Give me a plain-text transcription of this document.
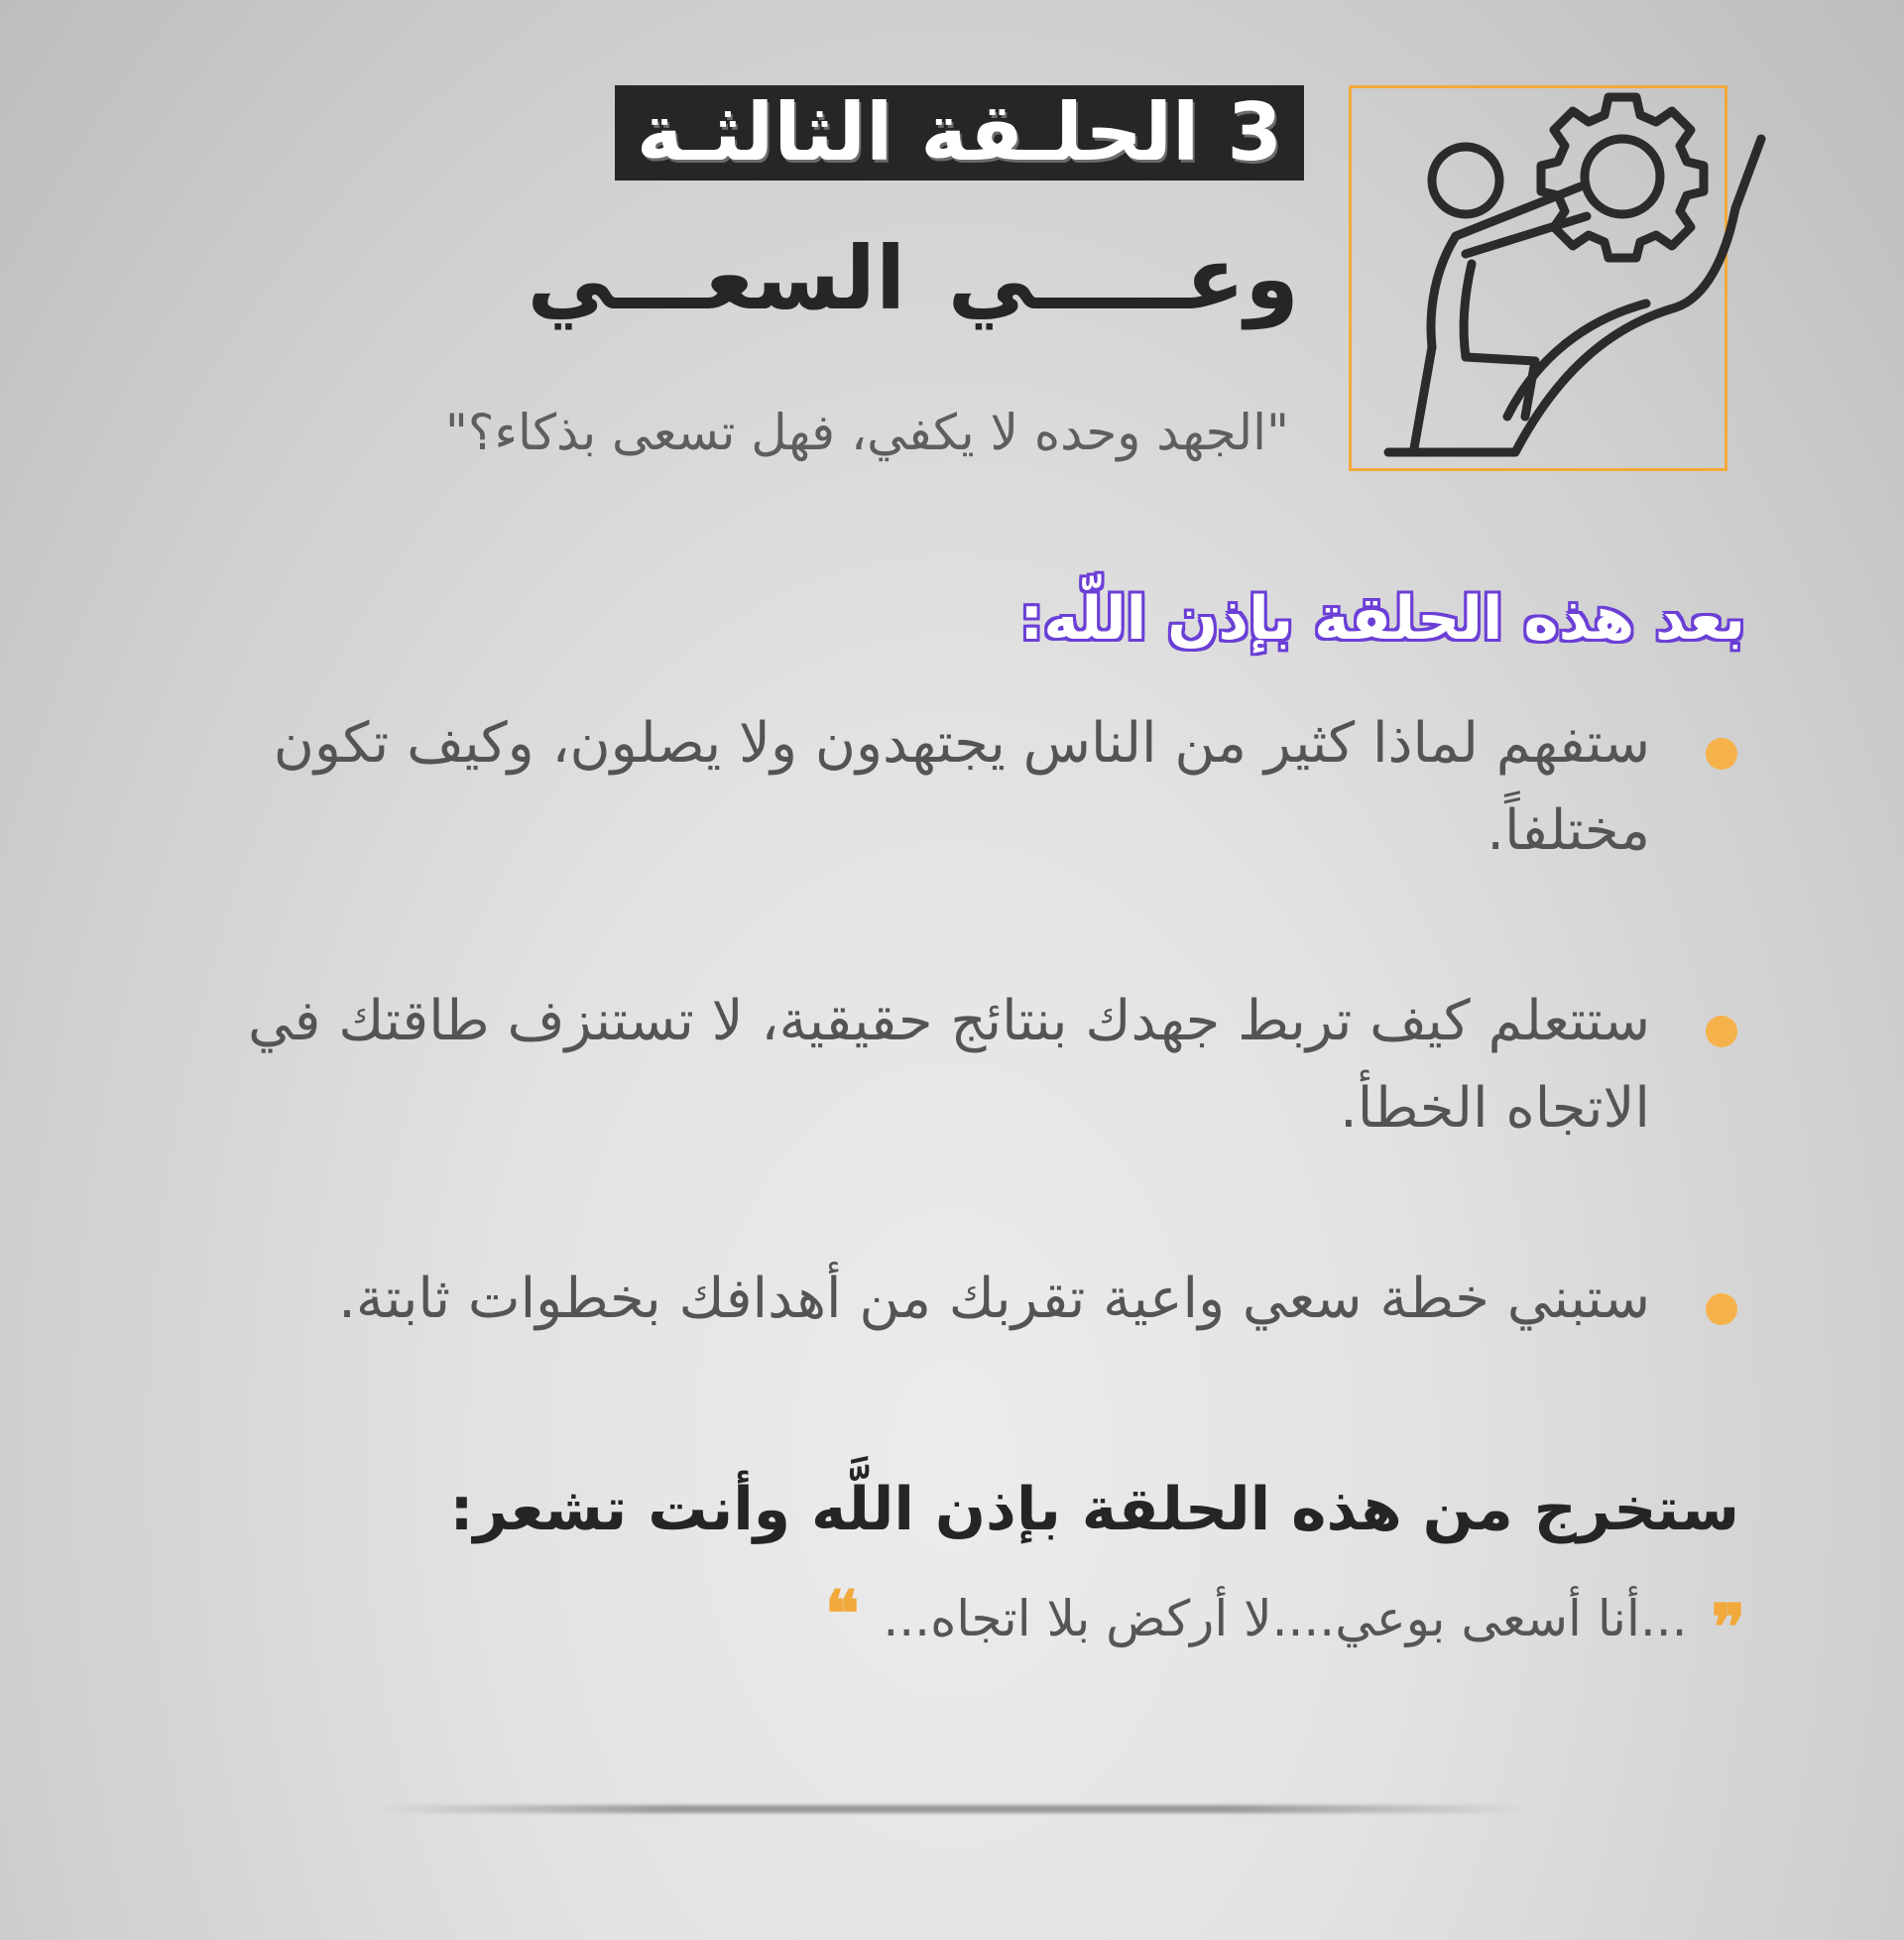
3 الحلـقة الثالثـة
وعـــــي السعـــي
"الجهد وحده لا يكفي، فهل تسعى بذكاء؟"
بعد هذه الحلقة بإذن اللّه:
ستفهم لماذا كثير من الناس يجتهدون ولا يصلون، وكيف تكون مختلفاً.
ستتعلم كيف تربط جهدك بنتائج حقيقية، لا تستنزف طاقتك في الاتجاه الخطأ.
ستبني خطة سعي واعية تقربك من أهدافك بخطوات ثابتة.
ستخرج من هذه الحلقة بإذن اللَّه وأنت تشعر:
❞
...أنا أسعى بوعي....لا أركض بلا اتجاه...
❝
